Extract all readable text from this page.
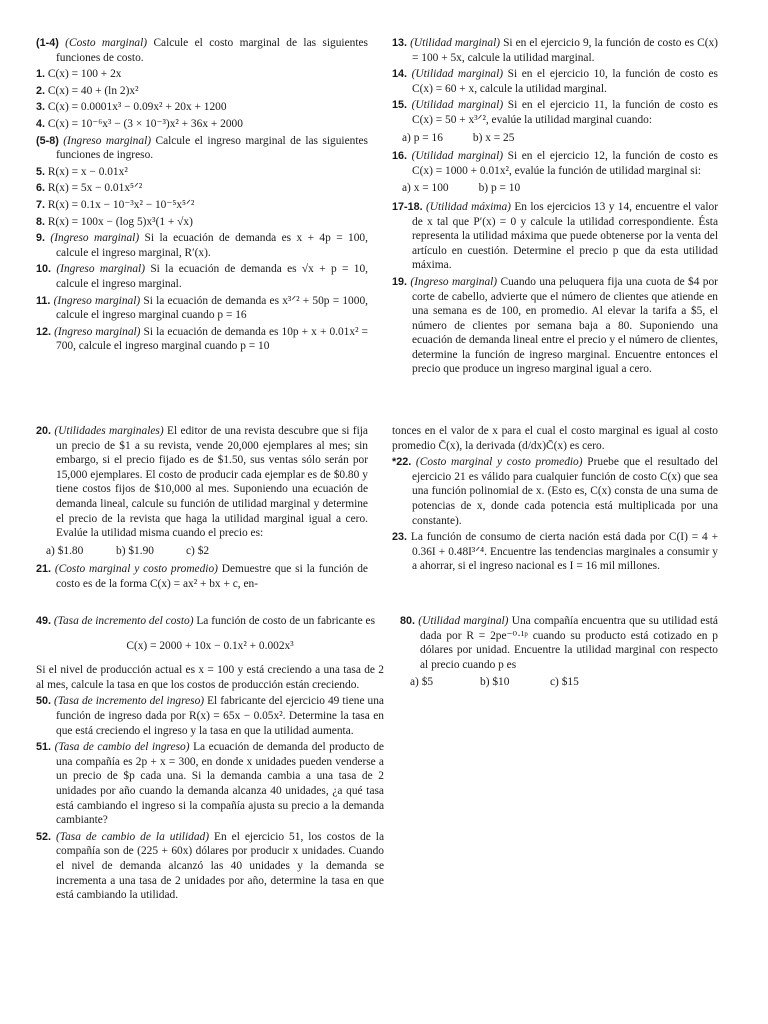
(1-4) (Costo marginal) Calcule el costo marginal de las siguientes funciones de costo.
1. C(x) = 100 + 2x
2. C(x) = 40 + (ln 2)x²
3. C(x) = 0.0001x³ − 0.09x² + 20x + 1200
4. C(x) = 10⁻⁶x³ − (3 × 10⁻³)x² + 36x + 2000
(5-8) (Ingreso marginal) Calcule el ingreso marginal de las siguientes funciones de ingreso.
5. R(x) = x − 0.01x²
6. R(x) = 5x − 0.01x⁵ᐟ²
7. R(x) = 0.1x − 10⁻³x² − 10⁻⁵x⁵ᐟ²
8. R(x) = 100x − (log 5)x³(1 + √x)
9. (Ingreso marginal) Si la ecuación de demanda es x + 4p = 100, calcule el ingreso marginal, R′(x).
10. (Ingreso marginal) Si la ecuación de demanda es √x + p = 10, calcule el ingreso marginal.
11. (Ingreso marginal) Si la ecuación de demanda es x³ᐟ² + 50p = 1000, calcule el ingreso marginal cuando p = 16
12. (Ingreso marginal) Si la ecuación de demanda es 10p + x + 0.01x² = 700, calcule el ingreso marginal cuando p = 10
13. (Utilidad marginal) Si en el ejercicio 9, la función de costo es C(x) = 100 + 5x, calcule la utilidad marginal.
14. (Utilidad marginal) Si en el ejercicio 10, la función de costo es C(x) = 60 + x, calcule la utilidad marginal.
15. (Utilidad marginal) Si en el ejercicio 11, la función de costo es C(x) = 50 + x³ᐟ², evalúe la utilidad marginal cuando:
a) p = 16	b) x = 25
16. (Utilidad marginal) Si en el ejercicio 12, la función de costo es C(x) = 1000 + 0.01x², evalúe la función de utilidad marginal si:
a) x = 100	b) p = 10
17-18. (Utilidad máxima) En los ejercicios 13 y 14, encuentre el valor de x tal que P′(x) = 0 y calcule la utilidad correspondiente. Ésta representa la utilidad máxima que puede obtenerse por la venta del artículo en cuestión. Determine el precio p que da esta utilidad máxima.
19. (Ingreso marginal) Cuando una peluquera fija una cuota de $4 por corte de cabello, advierte que el número de clientes que atiende en una semana es de 100, en promedio. Al elevar la tarifa a $5, el número de clientes por semana baja a 80. Suponiendo una ecuación de demanda lineal entre el precio y el número de clientes, determine la función de ingreso marginal. Encuentre entonces el precio que produce un ingreso marginal igual a cero.
20. (Utilidades marginales) El editor de una revista descubre que si fija un precio de $1 a su revista, vende 20,000 ejemplares al mes; sin embargo, si el precio fijado es de $1.50, sus ventas sólo serán por 15,000 ejemplares. El costo de producir cada ejemplar es de $0.80 y tiene costos fijos de $10,000 al mes. Suponiendo una ecuación de demanda lineal, calcule su función de utilidad marginal y determine el precio de la revista que haga la utilidad marginal igual a cero. Evalúe la utilidad misma cuando el precio es:
a) $1.80	b) $1.90	c) $2
21. (Costo marginal y costo promedio) Demuestre que si la función de costo es de la forma C(x) = ax² + bx + c, en-
tonces en el valor de x para el cual el costo marginal es igual al costo promedio C̄(x), la derivada (d/dx)C̄(x) es cero.
*22. (Costo marginal y costo promedio) Pruebe que el resultado del ejercicio 21 es válido para cualquier función de costo C(x) que sea una función polinomial de x. (Esto es, C(x) consta de una suma de potencias de x, donde cada potencia está multiplicada por una constante).
23. La función de consumo de cierta nación está dada por C(I) = 4 + 0.36I + 0.48I³ᐟ⁴. Encuentre las tendencias marginales a consumir y a ahorrar, si el ingreso nacional es I = 16 mil millones.
49. (Tasa de incremento del costo) La función de costo de un fabricante es
C(x) = 2000 + 10x − 0.1x² + 0.002x³
Si el nivel de producción actual es x = 100 y está creciendo a una tasa de 2 al mes, calcule la tasa en que los costos de producción están creciendo.
50. (Tasa de incremento del ingreso) El fabricante del ejercicio 49 tiene una función de ingreso dada por R(x) = 65x − 0.05x². Determine la tasa en que está creciendo el ingreso y la tasa en que la utilidad aumenta.
51. (Tasa de cambio del ingreso) La ecuación de demanda del producto de una compañía es 2p + x = 300, en donde x unidades pueden venderse a un precio de $p cada una. Si la demanda cambia a una tasa de 2 unidades por año cuando la demanda alcanza 40 unidades, ¿a qué tasa está cambiando el ingreso si la compañía ajusta su precio a la demanda cambiante?
52. (Tasa de cambio de la utilidad) En el ejercicio 51, los costos de la compañía son de (225 + 60x) dólares por producir x unidades. Cuando el nivel de demanda alcanzó las 40 unidades y la demanda se incrementa a una tasa de 2 unidades por año, determine la tasa en que está cambiando la utilidad.
80. (Utilidad marginal) Una compañía encuentra que su utilidad está dada por R = 2pe⁻⁰·¹ᵖ cuando su producto está cotizado en p dólares por unidad. Encuentre la utilidad marginal con respecto al precio cuando p es
a) $5	b) $10	c) $15
